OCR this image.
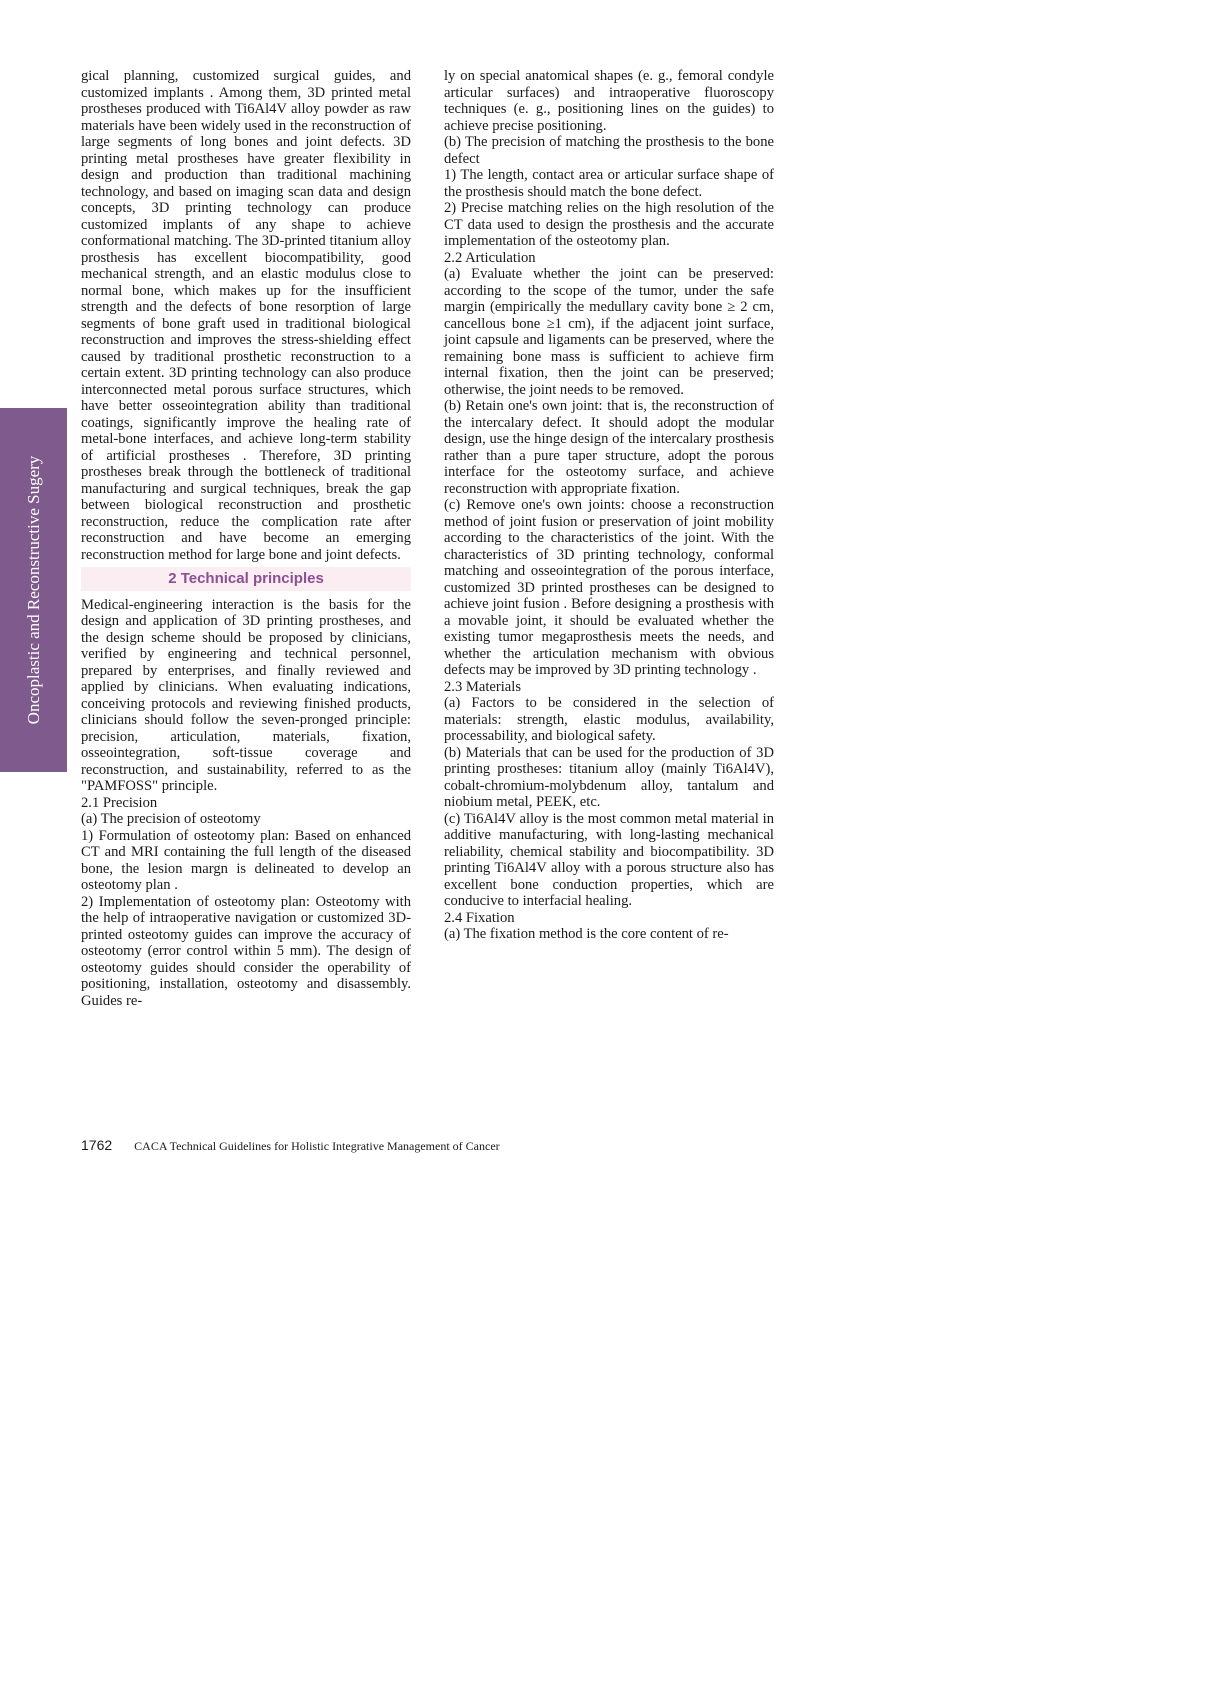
Oncoplastic and Reconstructive Sugery

gical planning, customized surgical guides, and customized implants . Among them, 3D printed metal prostheses produced with Ti6Al4V alloy powder as raw materials have been widely used in the reconstruction of large segments of long bones and joint defects. 3D printing metal prostheses have greater flexibility in design and production than traditional machining technology, and based on imaging scan data and design concepts, 3D printing technology can produce customized implants of any shape to achieve conformational matching. The 3D-printed titanium alloy prosthesis has excellent biocompatibility, good mechanical strength, and an elastic modulus close to normal bone, which makes up for the insufficient strength and the defects of bone resorption of large segments of bone graft used in traditional biological reconstruction and improves the stress-shielding effect caused by traditional prosthetic reconstruction to a certain extent. 3D printing technology can also produce interconnected metal porous surface structures, which have better osseointegration ability than traditional coatings, significantly improve the healing rate of metal-bone interfaces, and achieve long-term stability of artificial prostheses . Therefore, 3D printing prostheses break through the bottleneck of traditional manufacturing and surgical techniques, break the gap between biological reconstruction and prosthetic reconstruction, reduce the complication rate after reconstruction and have become an emerging reconstruction method for large bone and joint defects.

2 Technical principles

Medical-engineering interaction is the basis for the design and application of 3D printing prostheses, and the design scheme should be proposed by clinicians, verified by engineering and technical personnel, prepared by enterprises, and finally reviewed and applied by clinicians. When evaluating indications, conceiving protocols and reviewing finished products, clinicians should follow the seven-pronged principle: precision, articulation, materials, fixation, osseointegration, soft-tissue coverage and reconstruction, and sustainability, referred to as the "PAMFOSS" principle.

2.1 Precision

(a) The precision of osteotomy

1) Formulation of osteotomy plan: Based on enhanced CT and MRI containing the full length of the diseased bone, the lesion margn is delineated to develop an osteotomy plan .

2) Implementation of osteotomy plan: Osteotomy with the help of intraoperative navigation or customized 3D-printed osteotomy guides can improve the accuracy of osteotomy (error control within 5 mm). The design of osteotomy guides should consider the operability of positioning, installation, osteotomy and disassembly. Guides re-

ly on special anatomical shapes (e. g., femoral condyle articular surfaces) and intraoperative fluoroscopy techniques (e. g., positioning lines on the guides) to achieve precise positioning.

(b) The precision of matching the prosthesis to the bone defect

1) The length, contact area or articular surface shape of the prosthesis should match the bone defect.

2) Precise matching relies on the high resolution of the CT data used to design the prosthesis and the accurate implementation of the osteotomy plan.

2.2 Articulation

(a) Evaluate whether the joint can be preserved: according to the scope of the tumor, under the safe margin (empirically the medullary cavity bone ≥ 2 cm, cancellous bone ≥1 cm), if the adjacent joint surface, joint capsule and ligaments can be preserved, where the remaining bone mass is sufficient to achieve firm internal fixation, then the joint can be preserved; otherwise, the joint needs to be removed.

(b) Retain one's own joint: that is, the reconstruction of the intercalary defect. It should adopt the modular design, use the hinge design of the intercalary prosthesis rather than a pure taper structure, adopt the porous interface for the osteotomy surface, and achieve reconstruction with appropriate fixation.

(c) Remove one's own joints: choose a reconstruction method of joint fusion or preservation of joint mobility according to the characteristics of the joint. With the characteristics of 3D printing technology, conformal matching and osseointegration of the porous interface, customized 3D printed prostheses can be designed to achieve joint fusion . Before designing a prosthesis with a movable joint, it should be evaluated whether the existing tumor megaprosthesis meets the needs, and whether the articulation mechanism with obvious defects may be improved by 3D printing technology .

2.3 Materials

(a) Factors to be considered in the selection of materials: strength, elastic modulus, availability, processability, and biological safety.

(b) Materials that can be used for the production of 3D printing prostheses: titanium alloy (mainly Ti6Al4V), cobalt-chromium-molybdenum alloy, tantalum and niobium metal, PEEK, etc.

(c) Ti6Al4V alloy is the most common metal material in additive manufacturing, with long-lasting mechanical reliability, chemical stability and biocompatibility. 3D printing Ti6Al4V alloy with a porous structure also has excellent bone conduction properties, which are conducive to interfacial healing.

2.4 Fixation

(a) The fixation method is the core content of re-

1762 CACA Technical Guidelines for Holistic Integrative Management of Cancer
